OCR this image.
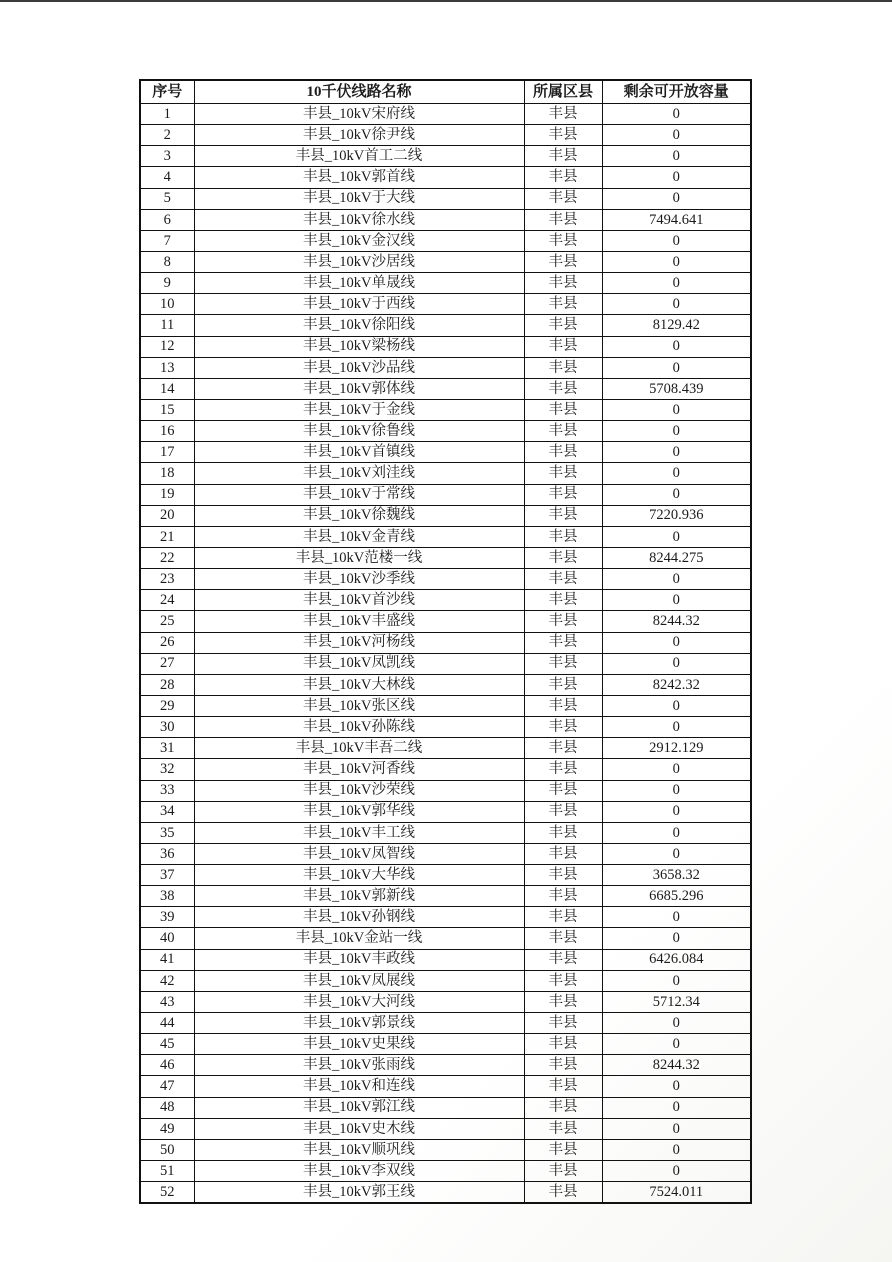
序号	10千伏线路名称	所属区县	剩余可开放容量
1	丰县_10kV宋府线	丰县	0
2	丰县_10kV徐尹线	丰县	0
3	丰县_10kV首工二线	丰县	0
4	丰县_10kV郭首线	丰县	0
5	丰县_10kV于大线	丰县	0
6	丰县_10kV徐水线	丰县	7494.641
7	丰县_10kV金汉线	丰县	0
8	丰县_10kV沙居线	丰县	0
9	丰县_10kV单晟线	丰县	0
10	丰县_10kV于西线	丰县	0
11	丰县_10kV徐阳线	丰县	8129.42
12	丰县_10kV梁杨线	丰县	0
13	丰县_10kV沙品线	丰县	0
14	丰县_10kV郭体线	丰县	5708.439
15	丰县_10kV于金线	丰县	0
16	丰县_10kV徐鲁线	丰县	0
17	丰县_10kV首镇线	丰县	0
18	丰县_10kV刘洼线	丰县	0
19	丰县_10kV于常线	丰县	0
20	丰县_10kV徐魏线	丰县	7220.936
21	丰县_10kV金青线	丰县	0
22	丰县_10kV范楼一线	丰县	8244.275
23	丰县_10kV沙季线	丰县	0
24	丰县_10kV首沙线	丰县	0
25	丰县_10kV丰盛线	丰县	8244.32
26	丰县_10kV河杨线	丰县	0
27	丰县_10kV凤凯线	丰县	0
28	丰县_10kV大林线	丰县	8242.32
29	丰县_10kV张区线	丰县	0
30	丰县_10kV孙陈线	丰县	0
31	丰县_10kV丰吾二线	丰县	2912.129
32	丰县_10kV河香线	丰县	0
33	丰县_10kV沙荣线	丰县	0
34	丰县_10kV郭华线	丰县	0
35	丰县_10kV丰工线	丰县	0
36	丰县_10kV凤智线	丰县	0
37	丰县_10kV大华线	丰县	3658.32
38	丰县_10kV郭新线	丰县	6685.296
39	丰县_10kV孙钢线	丰县	0
40	丰县_10kV金站一线	丰县	0
41	丰县_10kV丰政线	丰县	6426.084
42	丰县_10kV凤展线	丰县	0
43	丰县_10kV大河线	丰县	5712.34
44	丰县_10kV郭景线	丰县	0
45	丰县_10kV史果线	丰县	0
46	丰县_10kV张雨线	丰县	8244.32
47	丰县_10kV和连线	丰县	0
48	丰县_10kV郭江线	丰县	0
49	丰县_10kV史木线	丰县	0
50	丰县_10kV顺巩线	丰县	0
51	丰县_10kV李双线	丰县	0
52	丰县_10kV郭王线	丰县	7524.011
